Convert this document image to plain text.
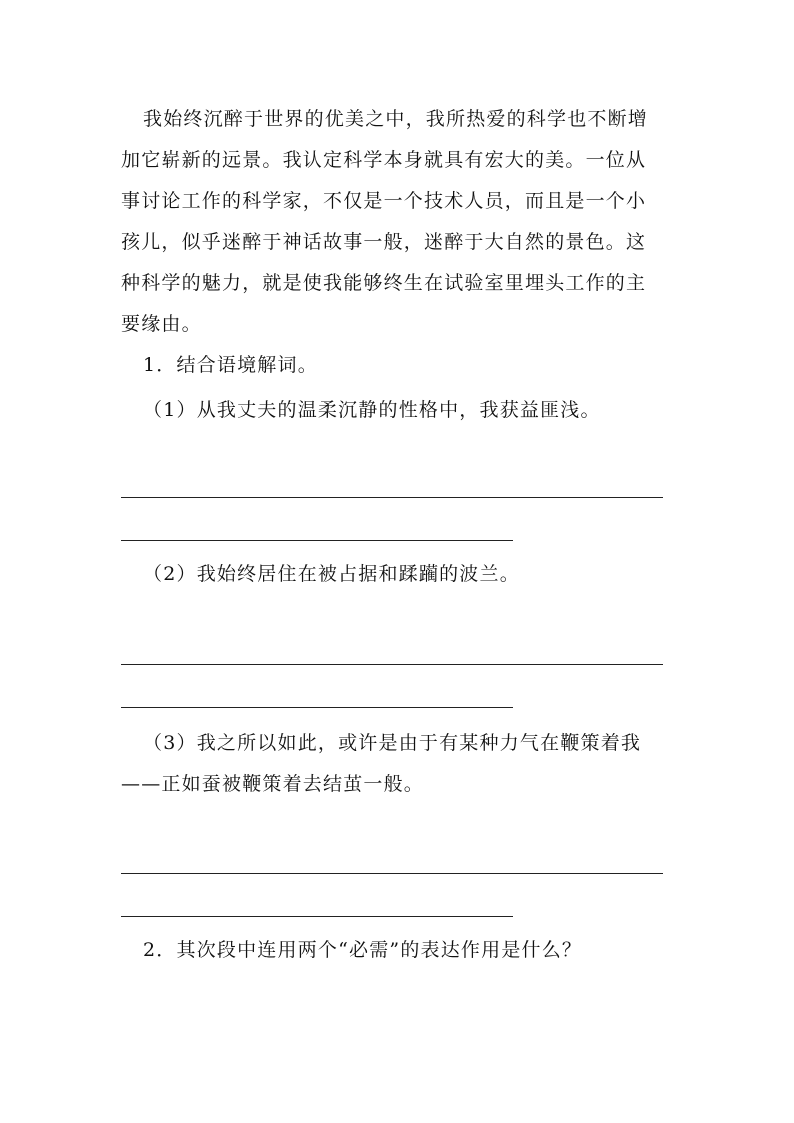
我始终沉醉于世界的优美之中，我所热爱的科学也不断增
加它崭新的远景。我认定科学本身就具有宏大的美。一位从
事讨论工作的科学家，不仅是一个技术人员，而且是一个小
孩儿，似乎迷醉于神话故事一般，迷醉于大自然的景色。这
种科学的魅力，就是使我能够终生在试验室里埋头工作的主
要缘由。
1．结合语境解词。
（1）从我丈夫的温柔沉静的性格中，我获益匪浅。
（2）我始终居住在被占据和蹂躏的波兰。
（3）我之所以如此，或许是由于有某种力气在鞭策着我
——正如蚕被鞭策着去结茧一般。
2．其次段中连用两个“必需”的表达作用是什么？
